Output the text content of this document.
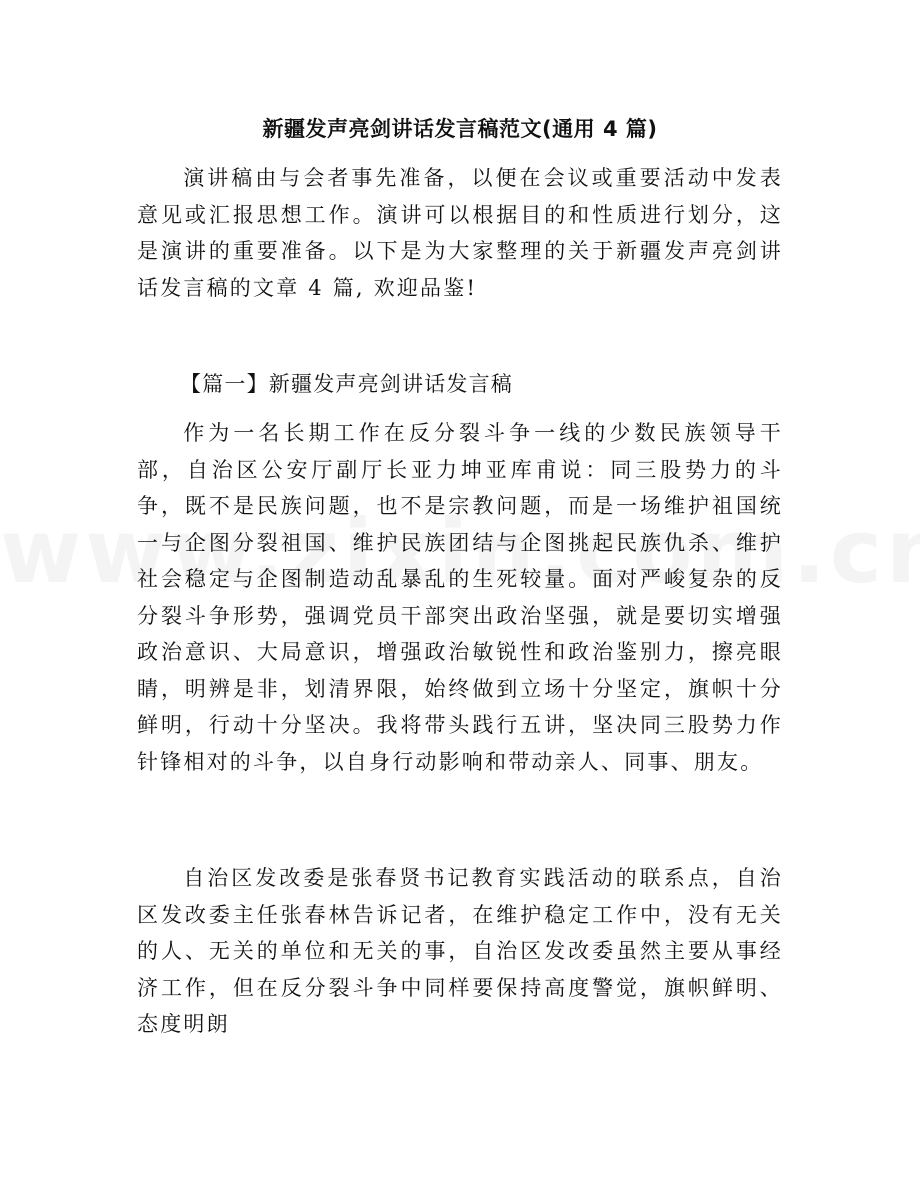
新疆发声亮剑讲话发言稿范文(通用 4 篇)

演讲稿由与会者事先准备，以便在会议或重要活动中发表意见或汇报思想工作。演讲可以根据目的和性质进行划分，这是演讲的重要准备。以下是为大家整理的关于新疆发声亮剑讲话发言稿的文章 4 篇, 欢迎品鉴!

【篇一】新疆发声亮剑讲话发言稿

作为一名长期工作在反分裂斗争一线的少数民族领导干部，自治区公安厅副厅长亚力坤亚库甫说：同三股势力的斗争，既不是民族问题，也不是宗教问题，而是一场维护祖国统一与企图分裂祖国、维护民族团结与企图挑起民族仇杀、维护社会稳定与企图制造动乱暴乱的生死较量。面对严峻复杂的反分裂斗争形势，强调党员干部突出政治坚强，就是要切实增强政治意识、大局意识，增强政治敏锐性和政治鉴别力，擦亮眼睛，明辨是非，划清界限，始终做到立场十分坚定，旗帜十分鲜明，行动十分坚决。我将带头践行五讲，坚决同三股势力作针锋相对的斗争，以自身行动影响和带动亲人、同事、朋友。

自治区发改委是张春贤书记教育实践活动的联系点，自治区发改委主任张春林告诉记者，在维护稳定工作中，没有无关的人、无关的单位和无关的事，自治区发改委虽然主要从事经济工作，但在反分裂斗争中同样要保持高度警觉，旗帜鲜明、态度明朗
